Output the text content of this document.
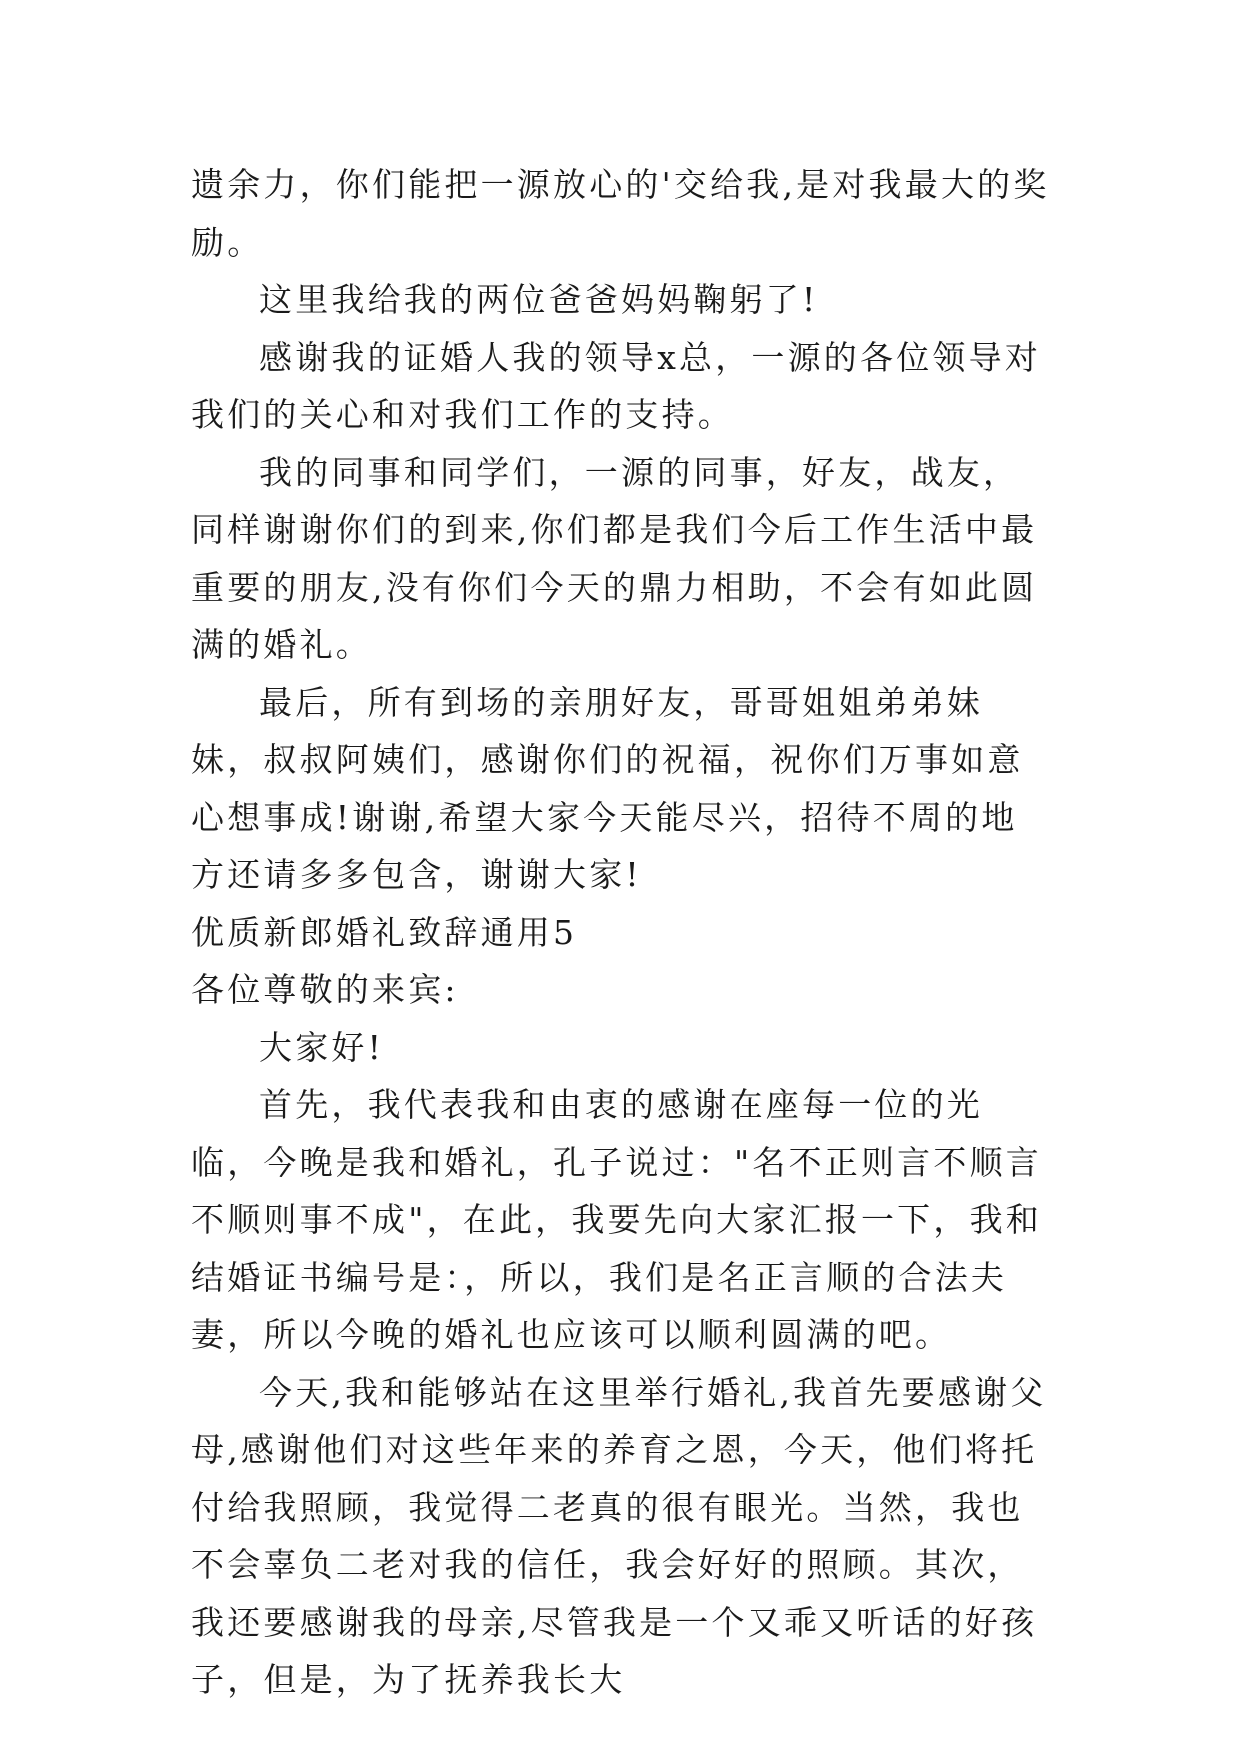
遗余力，你们能把一源放心的'交给我,是对我最大的奖励。

这里我给我的两位爸爸妈妈鞠躬了!

感谢我的证婚人我的领导x总，一源的各位领导对我们的关心和对我们工作的支持。

我的同事和同学们，一源的同事，好友，战友，同样谢谢你们的到来,你们都是我们今后工作生活中最重要的朋友,没有你们今天的鼎力相助，不会有如此圆满的婚礼。

最后，所有到场的亲朋好友，哥哥姐姐弟弟妹妹，叔叔阿姨们，感谢你们的祝福，祝你们万事如意心想事成!谢谢,希望大家今天能尽兴，招待不周的地方还请多多包含，谢谢大家!

优质新郎婚礼致辞通用5

各位尊敬的来宾:

大家好!

首先，我代表我和由衷的感谢在座每一位的光临，今晚是我和婚礼，孔子说过："名不正则言不顺言不顺则事不成"，在此，我要先向大家汇报一下，我和结婚证书编号是：，所以，我们是名正言顺的合法夫妻，所以今晚的婚礼也应该可以顺利圆满的吧。

今天,我和能够站在这里举行婚礼,我首先要感谢父母,感谢他们对这些年来的养育之恩，今天，他们将托付给我照顾，我觉得二老真的很有眼光。当然，我也不会辜负二老对我的信任，我会好好的照顾。其次，我还要感谢我的母亲,尽管我是一个又乖又听话的好孩子，但是，为了抚养我长大
